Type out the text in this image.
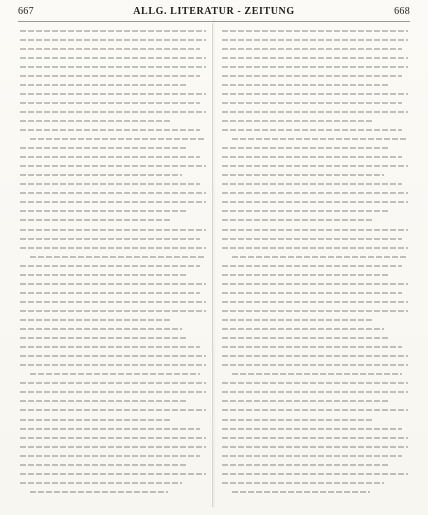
667	ALLG. LITERATUR - ZEITUNG	668
